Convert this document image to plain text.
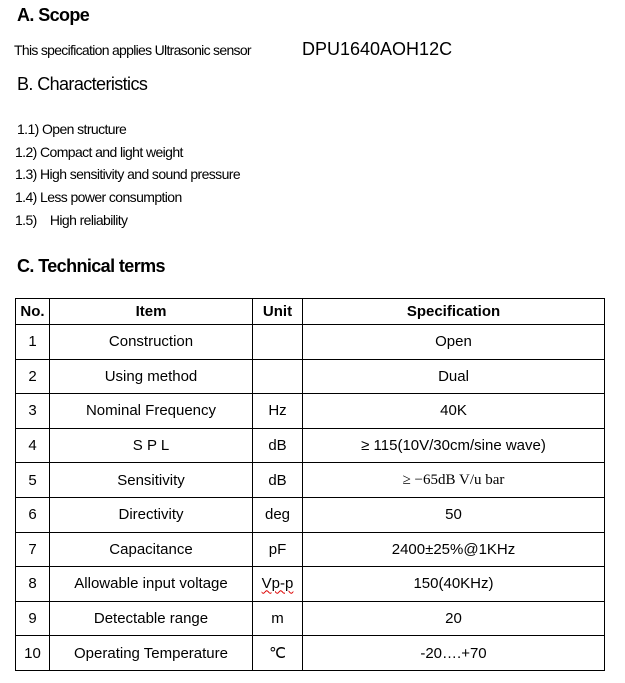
A. Scope
This specification applies Ultrasonic sensor	DPU1640AOH12C
B. Characteristics
1.1) Open structure
1.2) Compact and light weight
1.3) High sensitivity and sound pressure
1.4) Less power consumption
1.5)    High reliability
C. Technical terms
No.	Item	Unit	Specification
1	Construction		Open
2	Using method		Dual
3	Nominal Frequency	Hz	40K
4	S P L	dB	≥ 115(10V/30cm/sine wave)
5	Sensitivity	dB	≥ −65dB V/u bar
6	Directivity	deg	50
7	Capacitance	pF	2400±25%@1KHz
8	Allowable input voltage	Vp-p	150(40KHz)
9	Detectable range	m	20
10	Operating Temperature	℃	-20….+70
